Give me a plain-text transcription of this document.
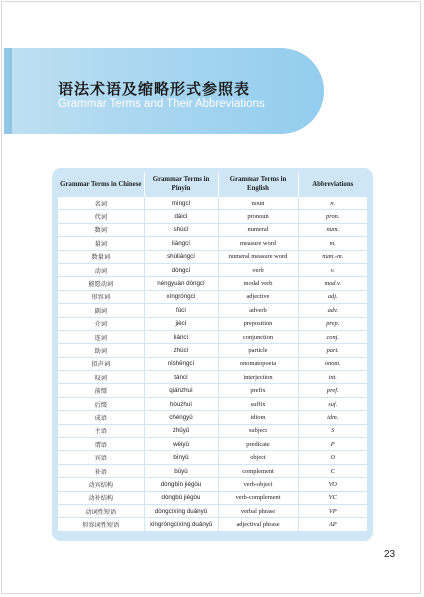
语法术语及缩略形式参照表
Grammar Terms and Their Abbreviations
Grammar Terms in Chinese	Grammar Terms in Pinyin	Grammar Terms in English	Abbreviations
名词	míngcí	noun	n.
代词	dàicí	pronoun	pron.
数词	shùcí	numeral	num.
量词	liàngcí	measure word	m.
数量词	shùliàngcí	numeral measure word	num.-m.
动词	dòngcí	verb	v.
能愿动词	néngyuàn dòngcí	modal verb	mod.v.
形容词	xíngróngcí	adjective	adj.
副词	fùcí	adverb	adv.
介词	jiècí	preposition	prep.
连词	liáncí	conjunction	conj.
助词	zhùcí	particle	part.
拟声词	nǐshēngcí	onomatopoeia	onom.
叹词	tàncí	interjection	int.
前缀	qiánzhuì	prefix	pref.
后缀	hòuzhuì	suffix	suf.
成语	chéngyǔ	idiom	idm.
主语	zhǔyǔ	subject	S
谓语	wèiyǔ	predicate	P
宾语	bīnyǔ	object	O
补语	bǔyǔ	complement	C
动宾结构	dòngbīn jiégòu	verb-object	VO
动补结构	dòngbǔ jiégòu	verb-complement	VC
动词性短语	dòngcíxìng duǎnyǔ	verbal phrase	VP
形容词性短语	xíngróngcíxìng duǎnyǔ	adjectival phrase	AP
23
